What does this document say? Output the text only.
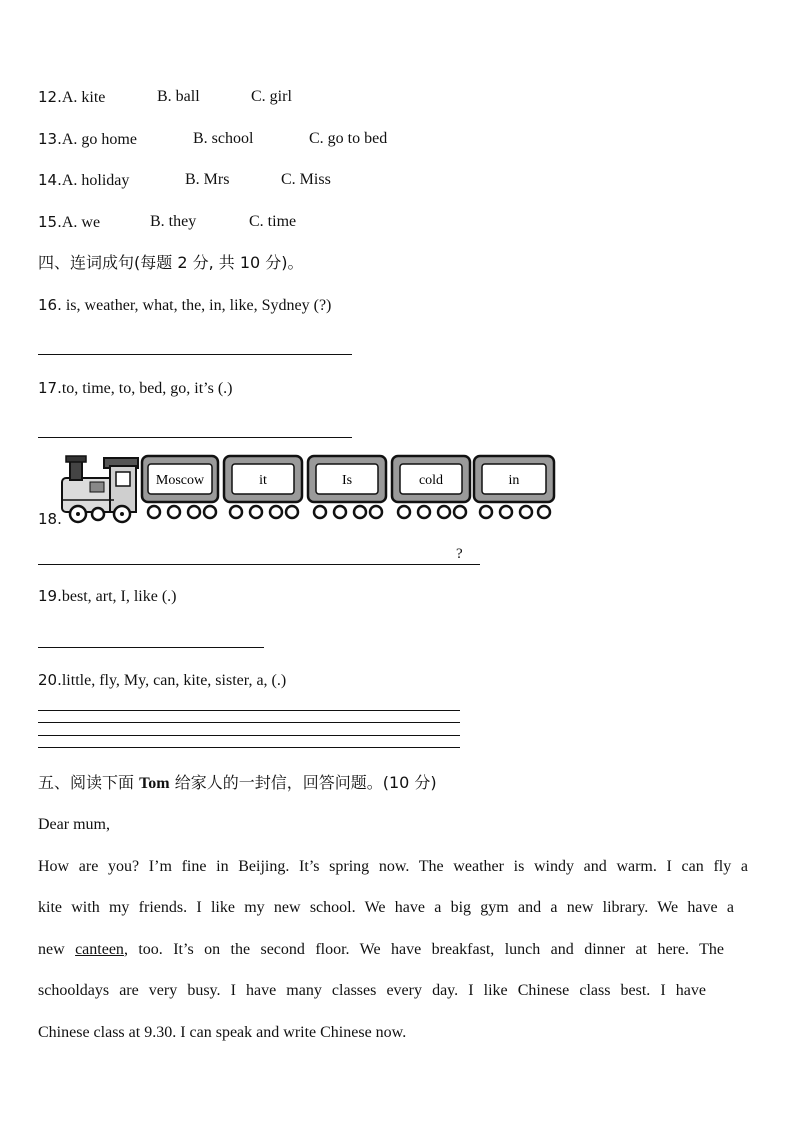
12.A. kite	B. ball	C. girl
13.A. go home	B. school	C. go to bed
14.A. holiday	B. Mrs	C. Miss
15.A. we	B. they	C. time
四、连词成句(每题 2 分, 共 10 分)。
16. is, weather, what, the, in, like, Sydney (?)
17.to, time, to, bed, go, it’s (.)
18.
Moscow	it	Is	cold	in
?
19.best, art, I, like (.)
20.little, fly, My, can, kite, sister, a, (.)
五、阅读下面 Tom 给家人的一封信，回答问题。(10 分)
Dear mum,
How are you? I’m fine in Beijing. It’s spring now. The weather is windy and warm. I can fly a
kite with my friends. I like my new school. We have a big gym and a new library. We have a
new canteen, too. It’s on the second floor. We have breakfast, lunch and dinner at here. The
schooldays are very busy. I have many classes every day. I like Chinese class best. I have
Chinese class at 9.30. I can speak and write Chinese now.
